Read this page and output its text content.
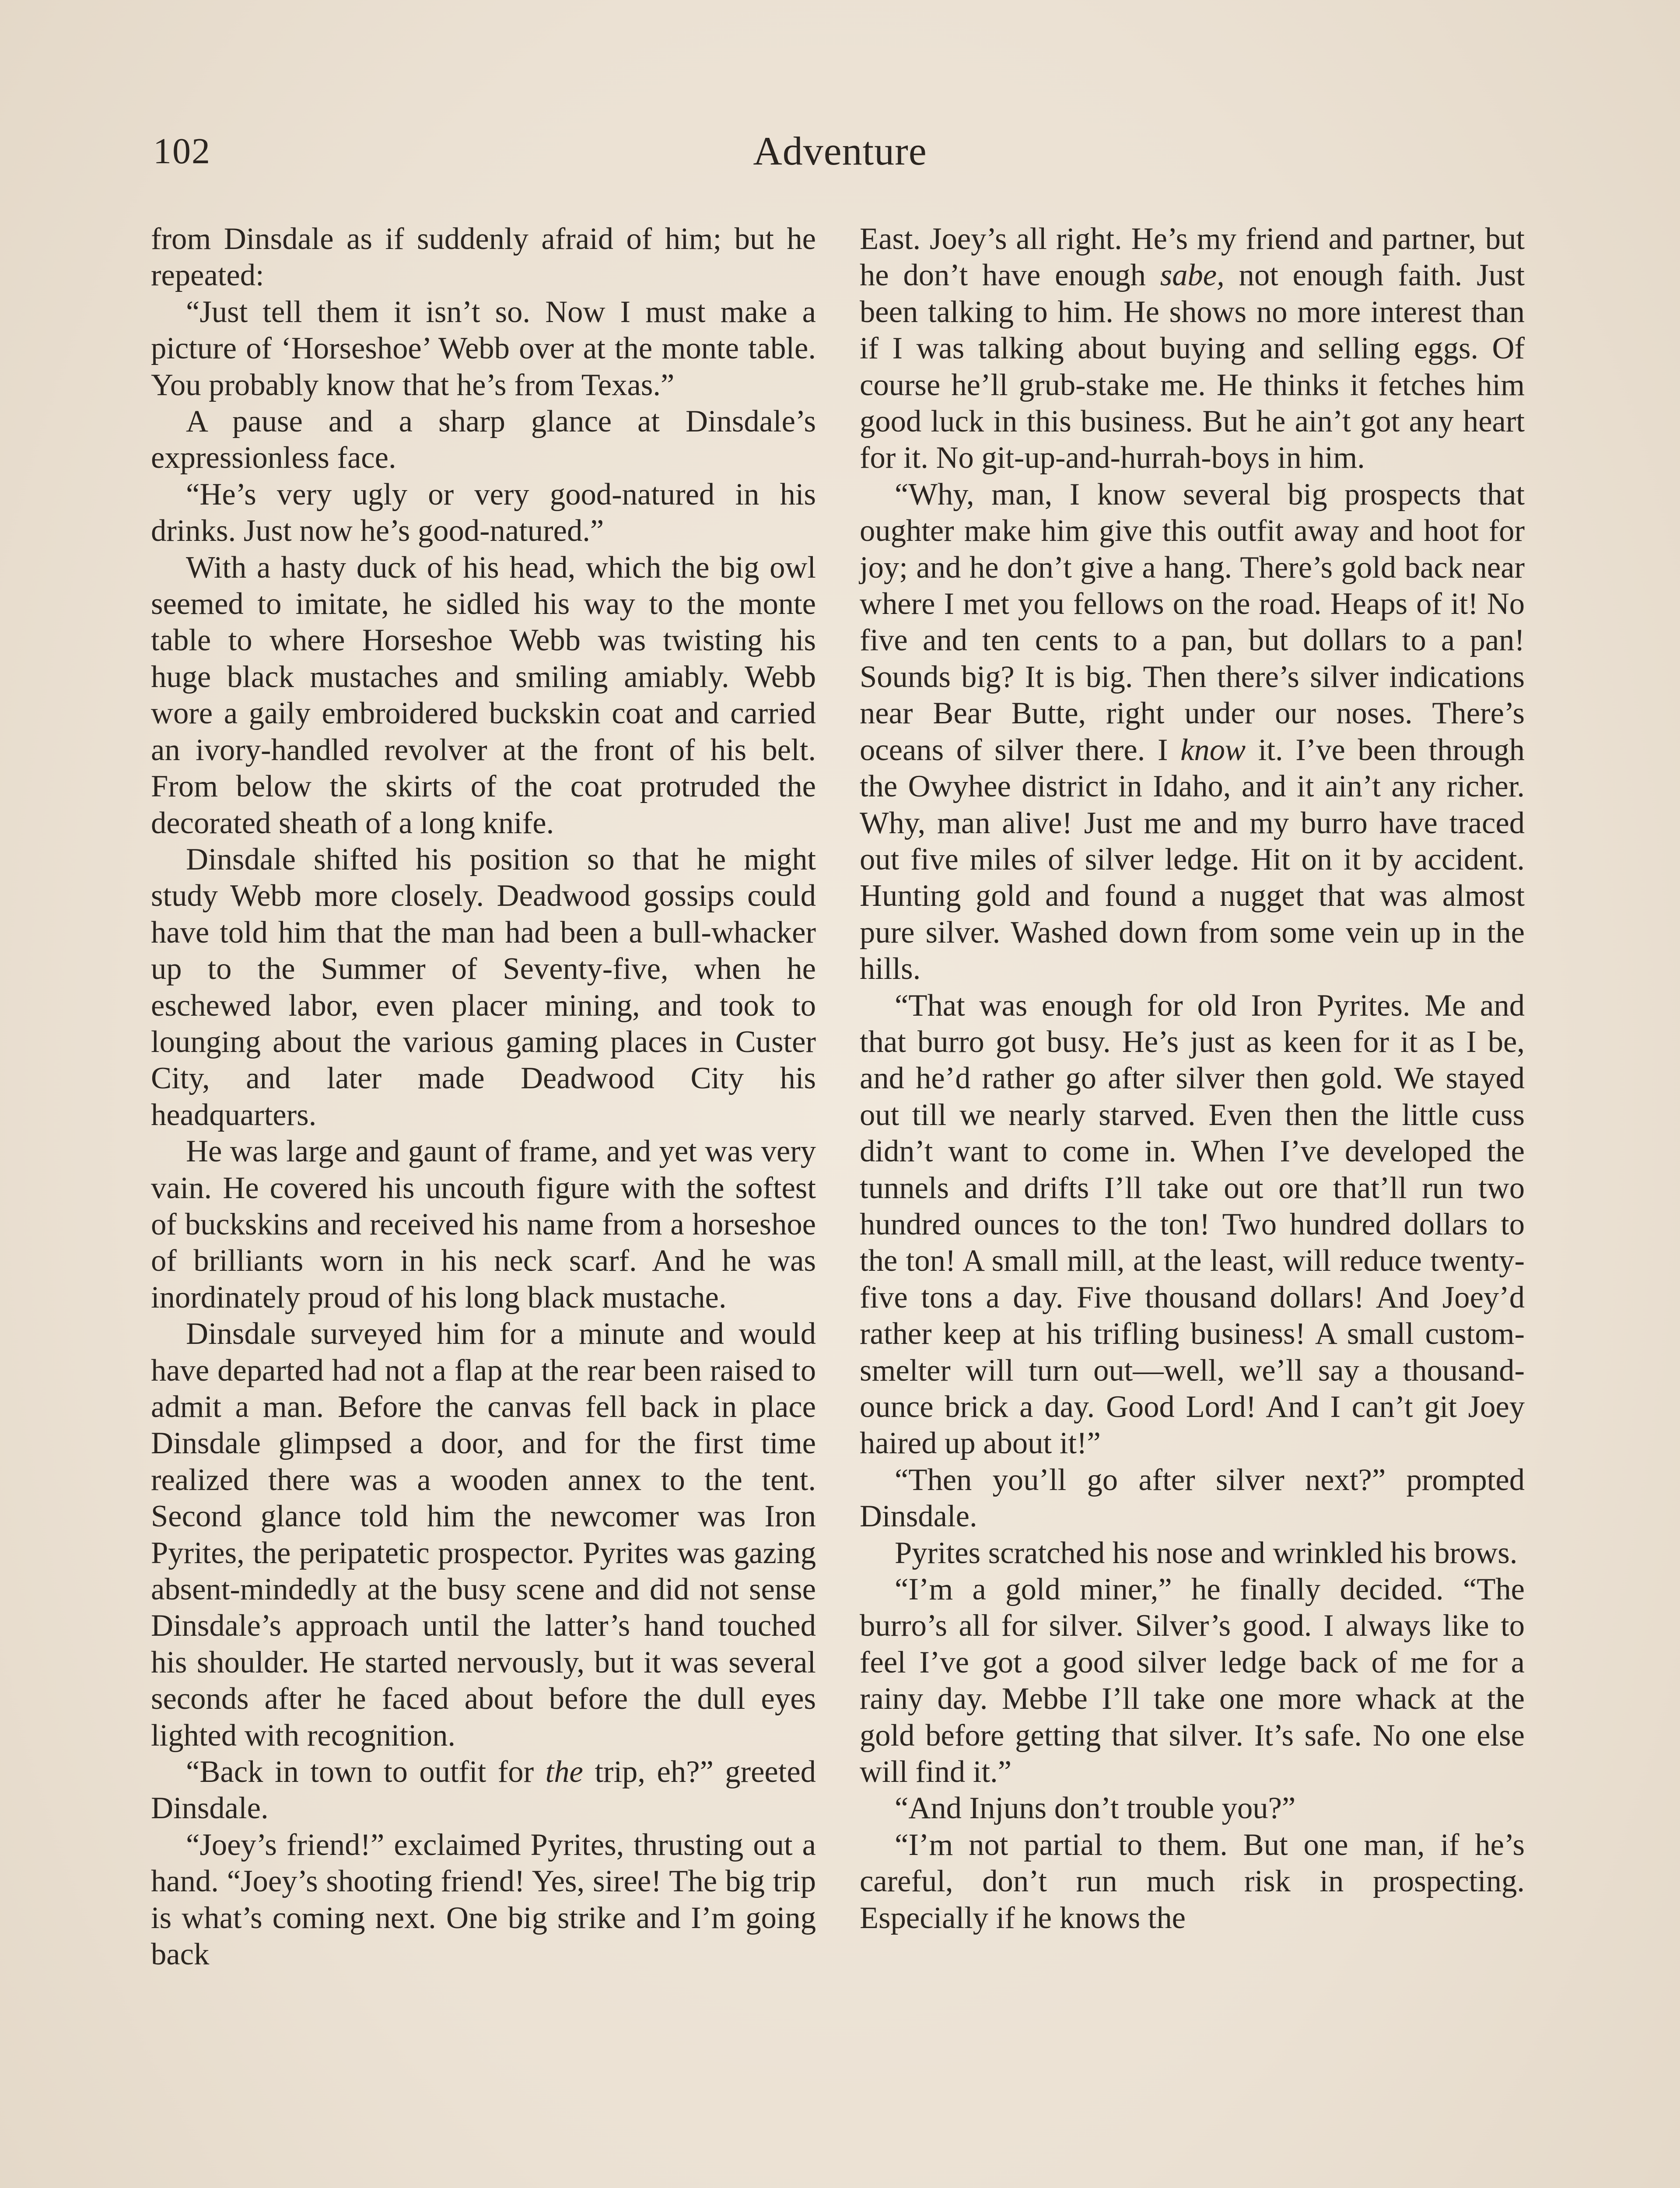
102	Adventure

from Dinsdale as if suddenly afraid of him; but he repeated:

“Just tell them it isn’t so. Now I must make a picture of ‘Horseshoe’ Webb over at the monte table. You probably know that he’s from Texas.”

A pause and a sharp glance at Dinsdale’s expressionless face.

“He’s very ugly or very good-natured in his drinks. Just now he’s good-natured.”

With a hasty duck of his head, which the big owl seemed to imitate, he sidled his way to the monte table to where Horseshoe Webb was twisting his huge black mustaches and smiling amiably. Webb wore a gaily embroidered buckskin coat and carried an ivory-handled revolver at the front of his belt. From below the skirts of the coat protruded the decorated sheath of a long knife.

Dinsdale shifted his position so that he might study Webb more closely. Deadwood gossips could have told him that the man had been a bull-whacker up to the Summer of Seventy-five, when he eschewed labor, even placer mining, and took to lounging about the various gaming places in Custer City, and later made Deadwood City his headquarters.

He was large and gaunt of frame, and yet was very vain. He covered his uncouth figure with the softest of buckskins and received his name from a horseshoe of brilliants worn in his neck scarf. And he was inordinately proud of his long black mustache.

Dinsdale surveyed him for a minute and would have departed had not a flap at the rear been raised to admit a man. Before the canvas fell back in place Dinsdale glimpsed a door, and for the first time realized there was a wooden annex to the tent. Second glance told him the newcomer was Iron Pyrites, the peripatetic prospector. Pyrites was gazing absent-mindedly at the busy scene and did not sense Dinsdale’s approach until the latter’s hand touched his shoulder. He started nervously, but it was several seconds after he faced about before the dull eyes lighted with recognition.

“Back in town to outfit for the trip, eh?” greeted Dinsdale.

“Joey’s friend!” exclaimed Pyrites, thrusting out a hand. “Joey’s shooting friend! Yes, siree! The big trip is what’s coming next. One big strike and I’m going back

East. Joey’s all right. He’s my friend and partner, but he don’t have enough sabe, not enough faith. Just been talking to him. He shows no more interest than if I was talking about buying and selling eggs. Of course he’ll grub-stake me. He thinks it fetches him good luck in this business. But he ain’t got any heart for it. No git-up-and-hurrah-boys in him.

“Why, man, I know several big prospects that oughter make him give this outfit away and hoot for joy; and he don’t give a hang. There’s gold back near where I met you fellows on the road. Heaps of it! No five and ten cents to a pan, but dollars to a pan! Sounds big? It is big. Then there’s silver indications near Bear Butte, right under our noses. There’s oceans of silver there. I know it. I’ve been through the Owyhee district in Idaho, and it ain’t any richer. Why, man alive! Just me and my burro have traced out five miles of silver ledge. Hit on it by accident. Hunting gold and found a nugget that was almost pure silver. Washed down from some vein up in the hills.

“That was enough for old Iron Pyrites. Me and that burro got busy. He’s just as keen for it as I be, and he’d rather go after silver then gold. We stayed out till we nearly starved. Even then the little cuss didn’t want to come in. When I’ve developed the tunnels and drifts I’ll take out ore that’ll run two hundred ounces to the ton! Two hundred dollars to the ton! A small mill, at the least, will reduce twenty-five tons a day. Five thousand dollars! And Joey’d rather keep at his trifling business! A small custom-smelter will turn out—well, we’ll say a thousand-ounce brick a day. Good Lord! And I can’t git Joey haired up about it!”

“Then you’ll go after silver next?” prompted Dinsdale.

Pyrites scratched his nose and wrinkled his brows.

“I’m a gold miner,” he finally decided. “The burro’s all for silver. Silver’s good. I always like to feel I’ve got a good silver ledge back of me for a rainy day. Mebbe I’ll take one more whack at the gold before getting that silver. It’s safe. No one else will find it.”

“And Injuns don’t trouble you?”

“I’m not partial to them. But one man, if he’s careful, don’t run much risk in prospecting. Especially if he knows the
